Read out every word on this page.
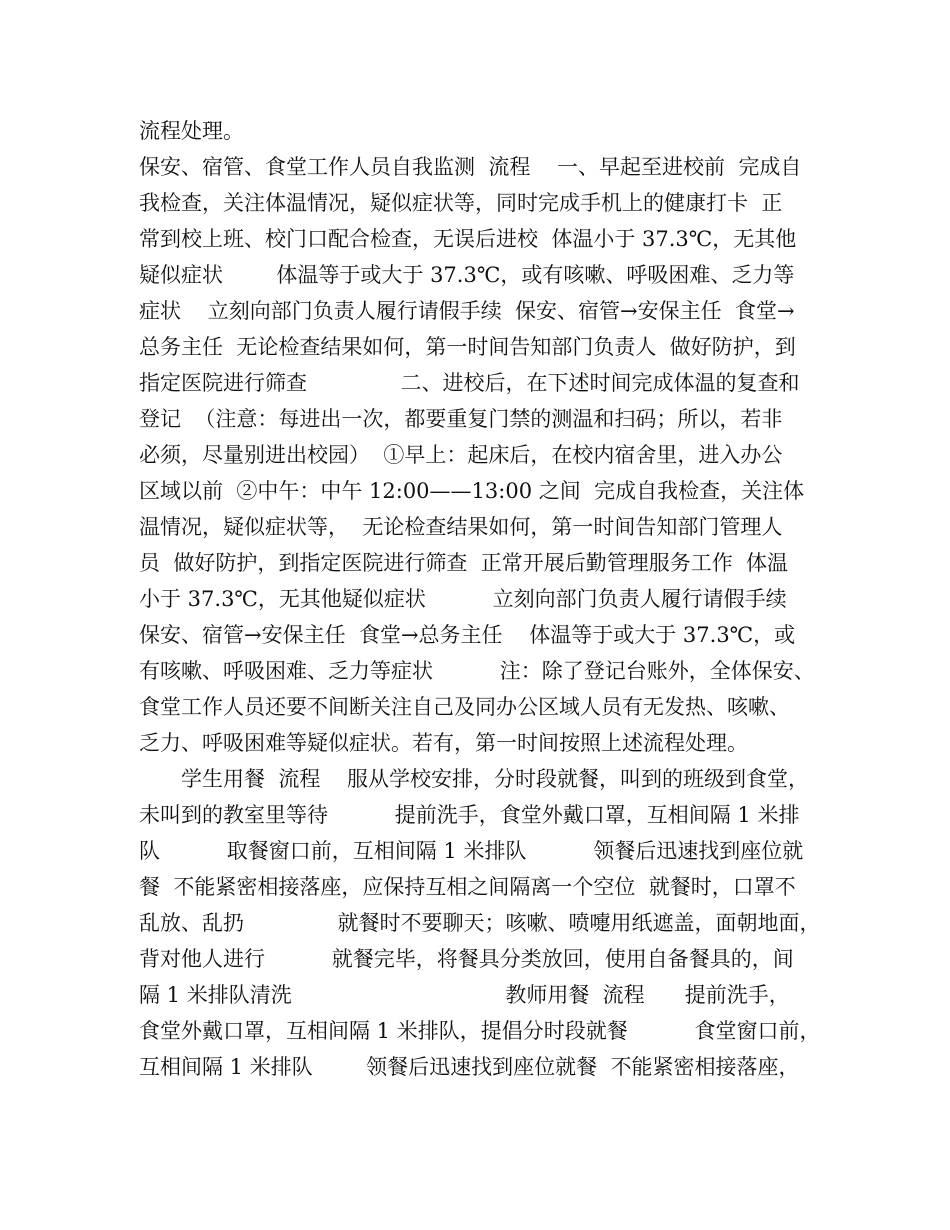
流程处理。
保安、宿管、食堂工作人员自我监测  流程    一、早起至进校前  完成自
我检查，关注体温情况，疑似症状等，同时完成手机上的健康打卡  正
常到校上班、校门口配合检查，无误后进校  体温小于 37.3℃，无其他
疑似症状        体温等于或大于 37.3℃，或有咳嗽、呼吸困难、乏力等
症状    立刻向部门负责人履行请假手续  保安、宿管→安保主任  食堂→
总务主任  无论检查结果如何，第一时间告知部门负责人  做好防护，到
指定医院进行筛查              二、进校后，在下述时间完成体温的复查和
登记  （注意：每进出一次，都要重复门禁的测温和扫码；所以，若非
必须，尽量别进出校园）  ①早上：起床后，在校内宿舍里，进入办公
区域以前  ②中午：中午 12:00——13:00 之间  完成自我检查，关注体
温情况，疑似症状等，  无论检查结果如何，第一时间告知部门管理人
员  做好防护，到指定医院进行筛查  正常开展后勤管理服务工作  体温
小于 37.3℃，无其他疑似症状          立刻向部门负责人履行请假手续
保安、宿管→安保主任  食堂→总务主任    体温等于或大于 37.3℃，或
有咳嗽、呼吸困难、乏力等症状          注：除了登记台账外，全体保安、
食堂工作人员还要不间断关注自己及同办公区域人员有无发热、咳嗽、
乏力、呼吸困难等疑似症状。若有，第一时间按照上述流程处理。
学生用餐  流程    服从学校安排，分时段就餐，叫到的班级到食堂，
未叫到的教室里等待          提前洗手，食堂外戴口罩，互相间隔 1 米排
队          取餐窗口前，互相间隔 1 米排队          领餐后迅速找到座位就
餐  不能紧密相接落座，应保持互相之间隔离一个空位  就餐时，口罩不
乱放、乱扔              就餐时不要聊天；咳嗽、喷嚏用纸遮盖，面朝地面，
背对他人进行          就餐完毕，将餐具分类放回，使用自备餐具的，间
隔 1 米排队清洗                                教师用餐  流程      提前洗手，
食堂外戴口罩，互相间隔 1 米排队，提倡分时段就餐          食堂窗口前，
互相间隔 1 米排队        领餐后迅速找到座位就餐  不能紧密相接落座，
